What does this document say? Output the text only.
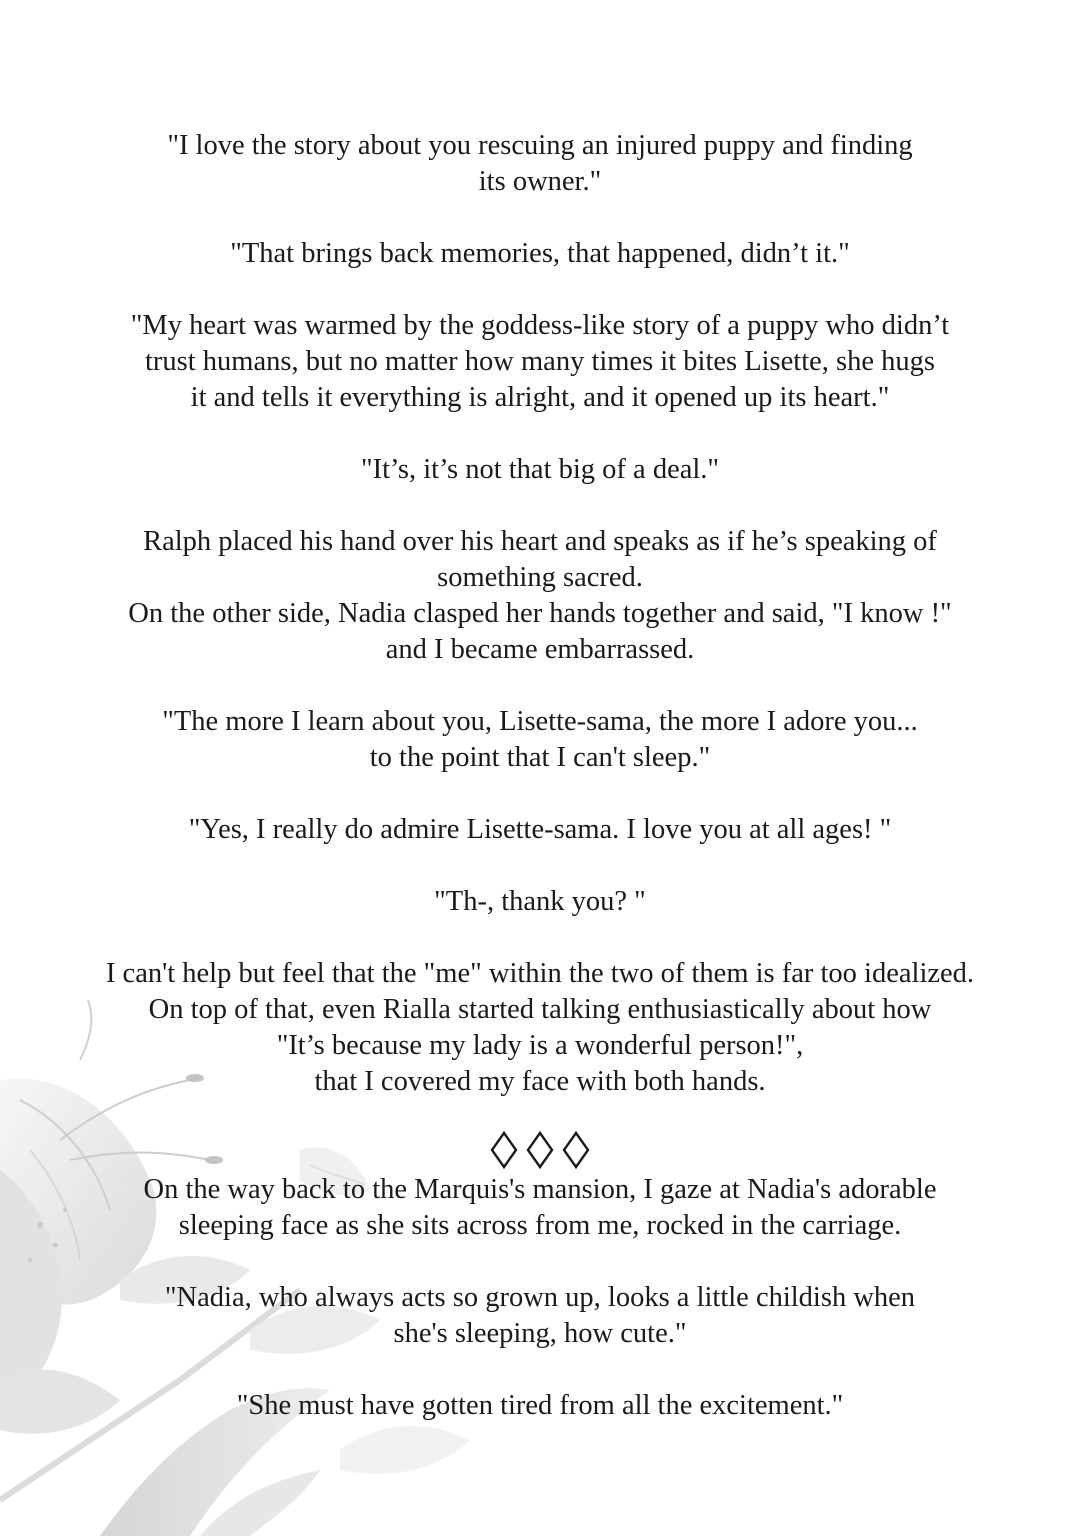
"I love the story about you rescuing an injured puppy and finding
its owner."

"That brings back memories, that happened, didn’t it."

"My heart was warmed by the goddess-like story of a puppy who didn’t
trust humans, but no matter how many times it bites Lisette, she hugs
it and tells it everything is alright, and it opened up its heart."

"It’s, it’s not that big of a deal."

Ralph placed his hand over his heart and speaks as if he’s speaking of
something sacred.
On the other side, Nadia clasped her hands together and said, "I know !"
and I became embarrassed.

"The more I learn about you, Lisette-sama, the more I adore you...
to the point that I can't sleep."

"Yes, I really do admire Lisette-sama. I love you at all ages! "

"Th-, thank you? "

I can't help but feel that the "me" within the two of them is far too idealized.
On top of that, even Rialla started talking enthusiastically about how
"It’s because my lady is a wonderful person!",
that I covered my face with both hands.

On the way back to the Marquis's mansion, I gaze at Nadia's adorable
sleeping face as she sits across from me, rocked in the carriage.

"Nadia, who always acts so grown up, looks a little childish when
she's sleeping, how cute."

"She must have gotten tired from all the excitement."
